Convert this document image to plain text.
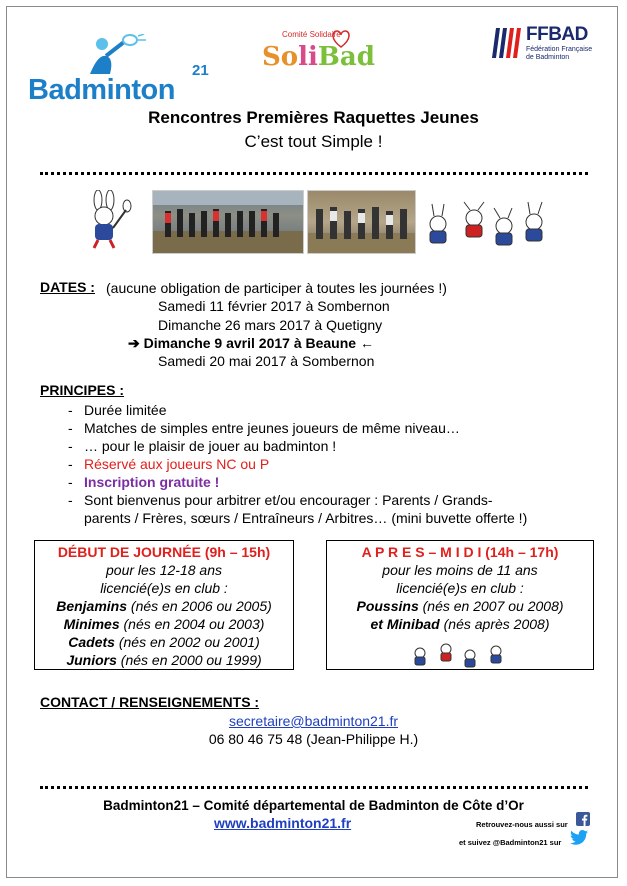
Badminton
21
Comité Solidaire
SoliBad
FFBAD
Fédération Française de Badminton
Rencontres Premières Raquettes Jeunes
C’est tout Simple !
DATES : (aucune obligation de participer à toutes les journées !)
Samedi 11 février 2017 à Sombernon
Dimanche 26 mars 2017 à Quetigny
➔ Dimanche 9 avril 2017 à Beaune ←
Samedi 20 mai 2017 à Sombernon
PRINCIPES :
- Durée limitée
- Matches de simples entre jeunes joueurs de même niveau…
- … pour le plaisir de jouer au badminton !
- Réservé aux joueurs NC ou P
- Inscription gratuite !
- Sont bienvenus pour arbitrer et/ou encourager : Parents / Grands-
parents / Frères, sœurs / Entraîneurs / Arbitres… (mini buvette offerte !)
DÉBUT DE JOURNÉE (9h – 15h)
pour les 12-18 ans
licencié(e)s en club :
Benjamins (nés en 2006 ou 2005)
Minimes (nés en 2004 ou 2003)
Cadets (nés en 2002 ou 2001)
Juniors (nés en 2000 ou 1999)
A P R E S – M I D I (14h – 17h)
pour les moins de 11 ans
licencié(e)s en club :
Poussins (nés en 2007 ou 2008)
et Minibad (nés après 2008)
CONTACT / RENSEIGNEMENTS :
secretaire@badminton21.fr
06 80 46 75 48 (Jean-Philippe H.)
Badminton21 – Comité départemental de Badminton de Côte d’Or
www.badminton21.fr	Retrouvez-nous aussi sur
et suivez @Badminton21 sur
